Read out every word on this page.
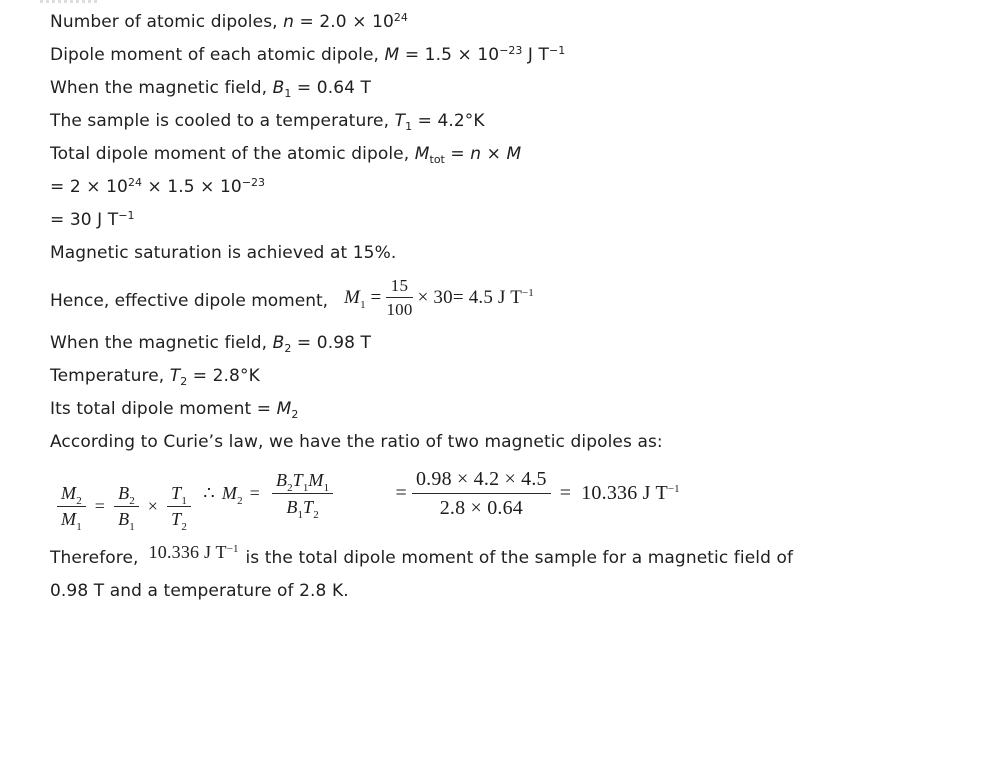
Number of atomic dipoles, $n = 2.0 \times 10^{24}$

Dipole moment of each atomic dipole, $M = 1.5 \times 10^{-23}$ J $T^{-1}$

When the magnetic field, $B_1 = 0.64$ T

The sample is cooled to a temperature, $T_1 = 4.2^\circ K$

Total dipole moment of the atomic dipole, $M_{tot} = n \times M$

= $2 \times 10^{24} \times 1.5 \times 10^{-23}$

= 30 J $T^{-1}$

Magnetic saturation is achieved at 15%.

Hence, effective dipole moment, $M_1 = \frac{15}{100} \times 30= 4.5$ J $T^{-1}$

When the magnetic field, $B_2 = 0.98$ T

Temperature, $T_2 = 2.8^\circ K$

Its total dipole moment = $M_2$

According to Curie’s law, we have the ratio of two magnetic dipoles as:

$\frac{M_2}{M_1} = \frac{B_2}{B_1} \times \frac{T_1}{T_2}$
∴ $M_2 = \frac{B_2T_1M_1}{B_1T_2}$
	= $\frac{0.98 \times 4.2 \times 4.5}{2.8 \times 0.64} = 10.336$ J $T^{-1}$

Therefore, 10.336 J $T^{-1}$ is the total dipole moment of the sample for a magnetic field of

0.98 T and a temperature of 2.8 K.
